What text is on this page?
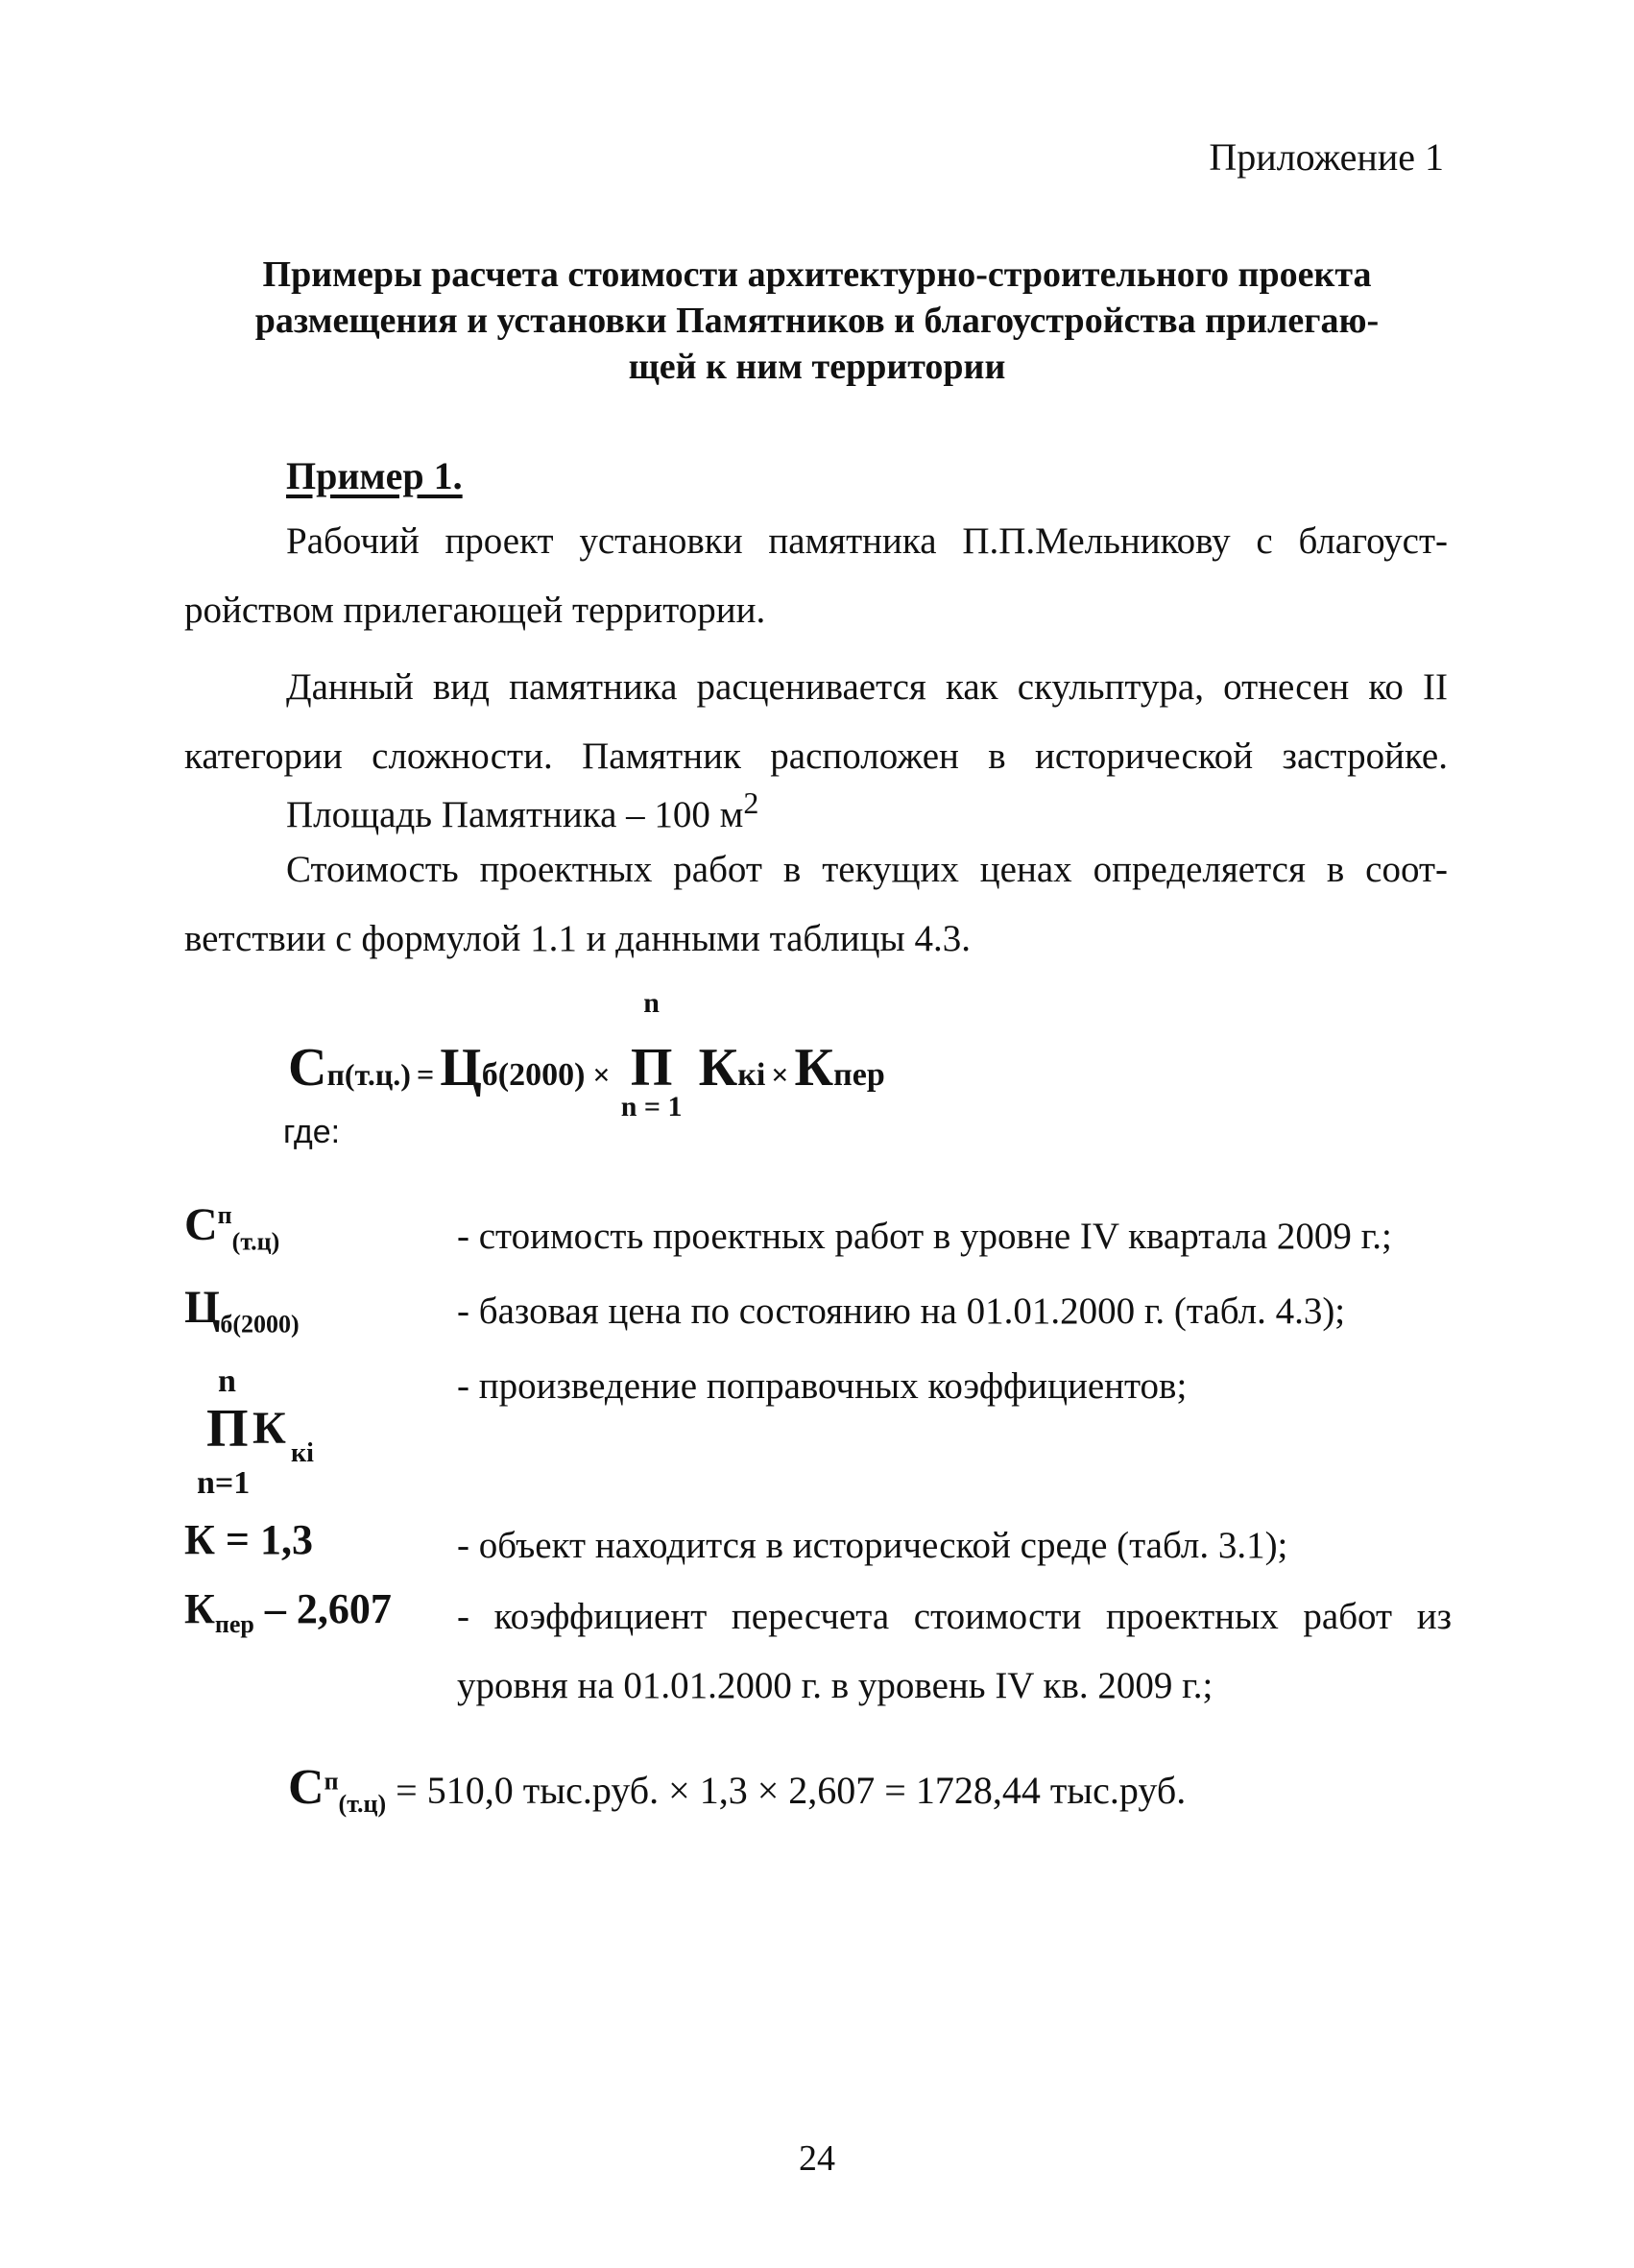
Приложение 1
Примеры расчета стоимости архитектурно-строительного проекта
размещения и установки Памятников и благоустройства прилегаю-
щей к ним территории
Пример 1.
Рабочий проект установки памятника П.П.Мельникову с благоуст-
ройством прилегающей территории.
Данный вид памятника расценивается как скульптура, отнесен ко II
категории сложности. Памятник расположен в исторической застройке.
Площадь Памятника – 100 $м^2$
Стоимость проектных работ в текущих ценах определяется в соот-
ветствии с формулой 1.1 и данными таблицы 4.3.
С п (т.ц.) = Ц б(2000) ×
n
Π
n = 1
К кi × К пер
где:
$С^п_{(т.ц)}$	- стоимость проектных работ в уровне IV квартала 2009 г.;
$Ц_{б(2000)}$	- базовая цена по состоянию на 01.01.2000 г. (табл. 4.3);
n
Π К кi
n=1
- произведение поправочных коэффициентов;
К = 1,3	- объект находится в исторической среде (табл. 3.1);
$К_{пер} - 2,607$ - коэффициент пересчета стоимости проектных работ из
уровня на 01.01.2000 г. в уровень IV кв. 2009 г.;
$С^п_{(т.ц)} = 510,0$ тыс.руб. × 1,3 × 2,607 = 1728,44 тыс.руб.
24
